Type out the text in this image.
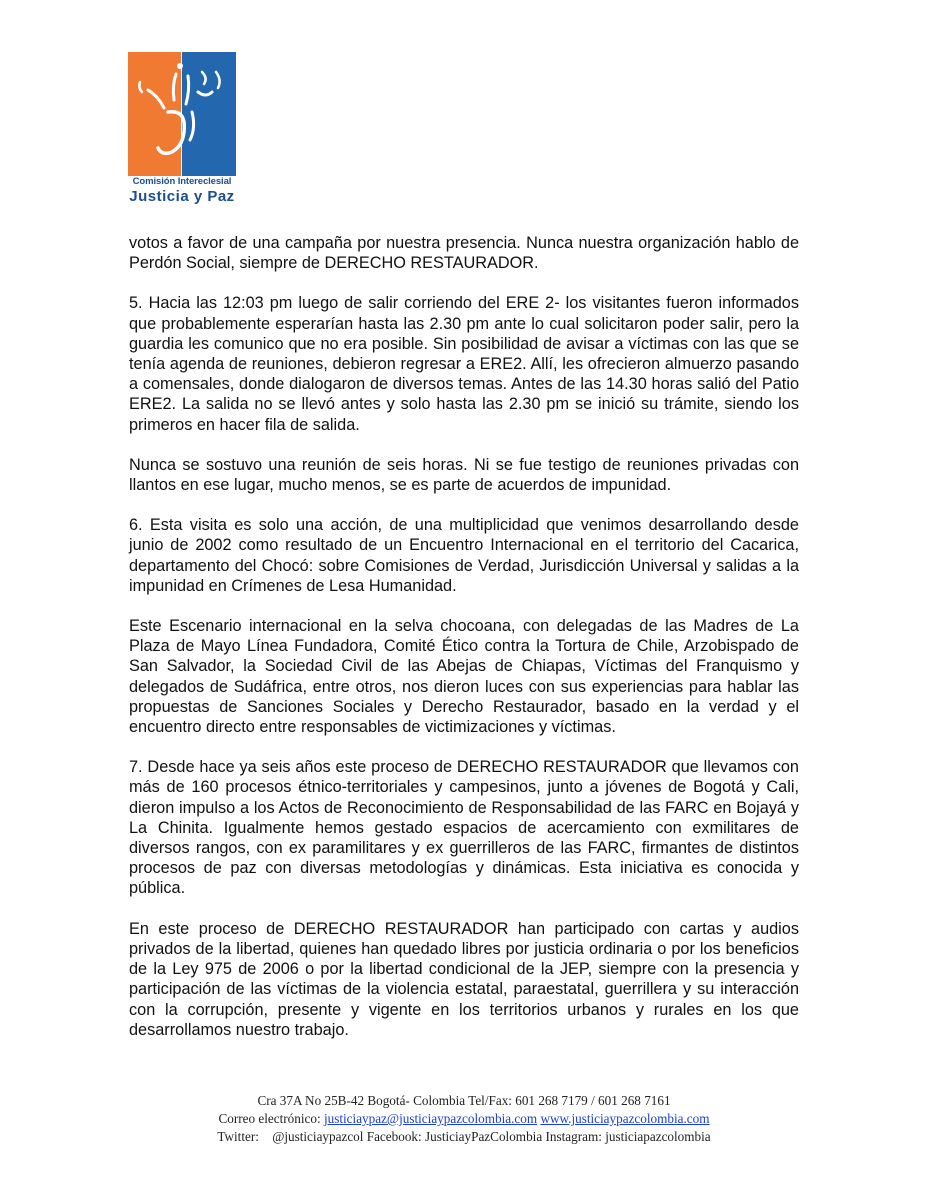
Comisión Intereclesial
Justicia y Paz

votos a favor de una campaña por nuestra presencia. Nunca nuestra organización hablo de Perdón Social, siempre de DERECHO RESTAURADOR.

5. Hacia las 12:03 pm luego de salir corriendo del ERE 2- los visitantes fueron informados que probablemente esperarían hasta las 2.30 pm ante lo cual solicitaron poder salir, pero la guardia les comunico que no era posible. Sin posibilidad de avisar a víctimas con las que se tenía agenda de reuniones, debieron regresar a ERE2. Allí, les ofrecieron almuerzo pasando a comensales, donde dialogaron de diversos temas. Antes de las 14.30 horas salió del Patio ERE2. La salida no se llevó antes y solo hasta las 2.30 pm se inició su trámite, siendo los primeros en hacer fila de salida.

Nunca se sostuvo una reunión de seis horas. Ni se fue testigo de reuniones privadas con llantos en ese lugar, mucho menos, se es parte de acuerdos de impunidad.

6. Esta visita es solo una acción, de una multiplicidad que venimos desarrollando desde junio de 2002 como resultado de un Encuentro Internacional en el territorio del Cacarica, departamento del Chocó: sobre Comisiones de Verdad, Jurisdicción Universal y salidas a la impunidad en Crímenes de Lesa Humanidad.

Este Escenario internacional en la selva chocoana, con delegadas de las Madres de La Plaza de Mayo Línea Fundadora, Comité Ético contra la Tortura de Chile, Arzobispado de San Salvador, la Sociedad Civil de las Abejas de Chiapas, Víctimas del Franquismo y delegados de Sudáfrica, entre otros, nos dieron luces con sus experiencias para hablar las propuestas de Sanciones Sociales y Derecho Restaurador, basado en la verdad y el encuentro directo entre responsables de victimizaciones y víctimas.

7. Desde hace ya seis años este proceso de DERECHO RESTAURADOR que llevamos con más de 160 procesos étnico-territoriales y campesinos, junto a jóvenes de Bogotá y Cali, dieron impulso a los Actos de Reconocimiento de Responsabilidad de las FARC en Bojayá y La Chinita. Igualmente hemos gestado espacios de acercamiento con exmilitares de diversos rangos, con ex paramilitares y ex guerrilleros de las FARC, firmantes de distintos procesos de paz con diversas metodologías y dinámicas. Esta iniciativa es conocida y pública.

En este proceso de DERECHO RESTAURADOR han participado con cartas y audios privados de la libertad, quienes han quedado libres por justicia ordinaria o por los beneficios de la Ley 975 de 2006 o por la libertad condicional de la JEP, siempre con la presencia y participación de las víctimas de la violencia estatal, paraestatal, guerrillera y su interacción con la corrupción, presente y vigente en los territorios urbanos y rurales en los que desarrollamos nuestro trabajo.

Cra 37A No 25B-42 Bogotá- Colombia Tel/Fax: 601 268 7179 / 601 268 7161
Correo electrónico: justiciaypaz@justiciaypazcolombia.com www.justiciaypazcolombia.com
Twitter: @justiciaypazcol Facebook: JusticiayPazColombia Instagram: justiciapazcolombia
